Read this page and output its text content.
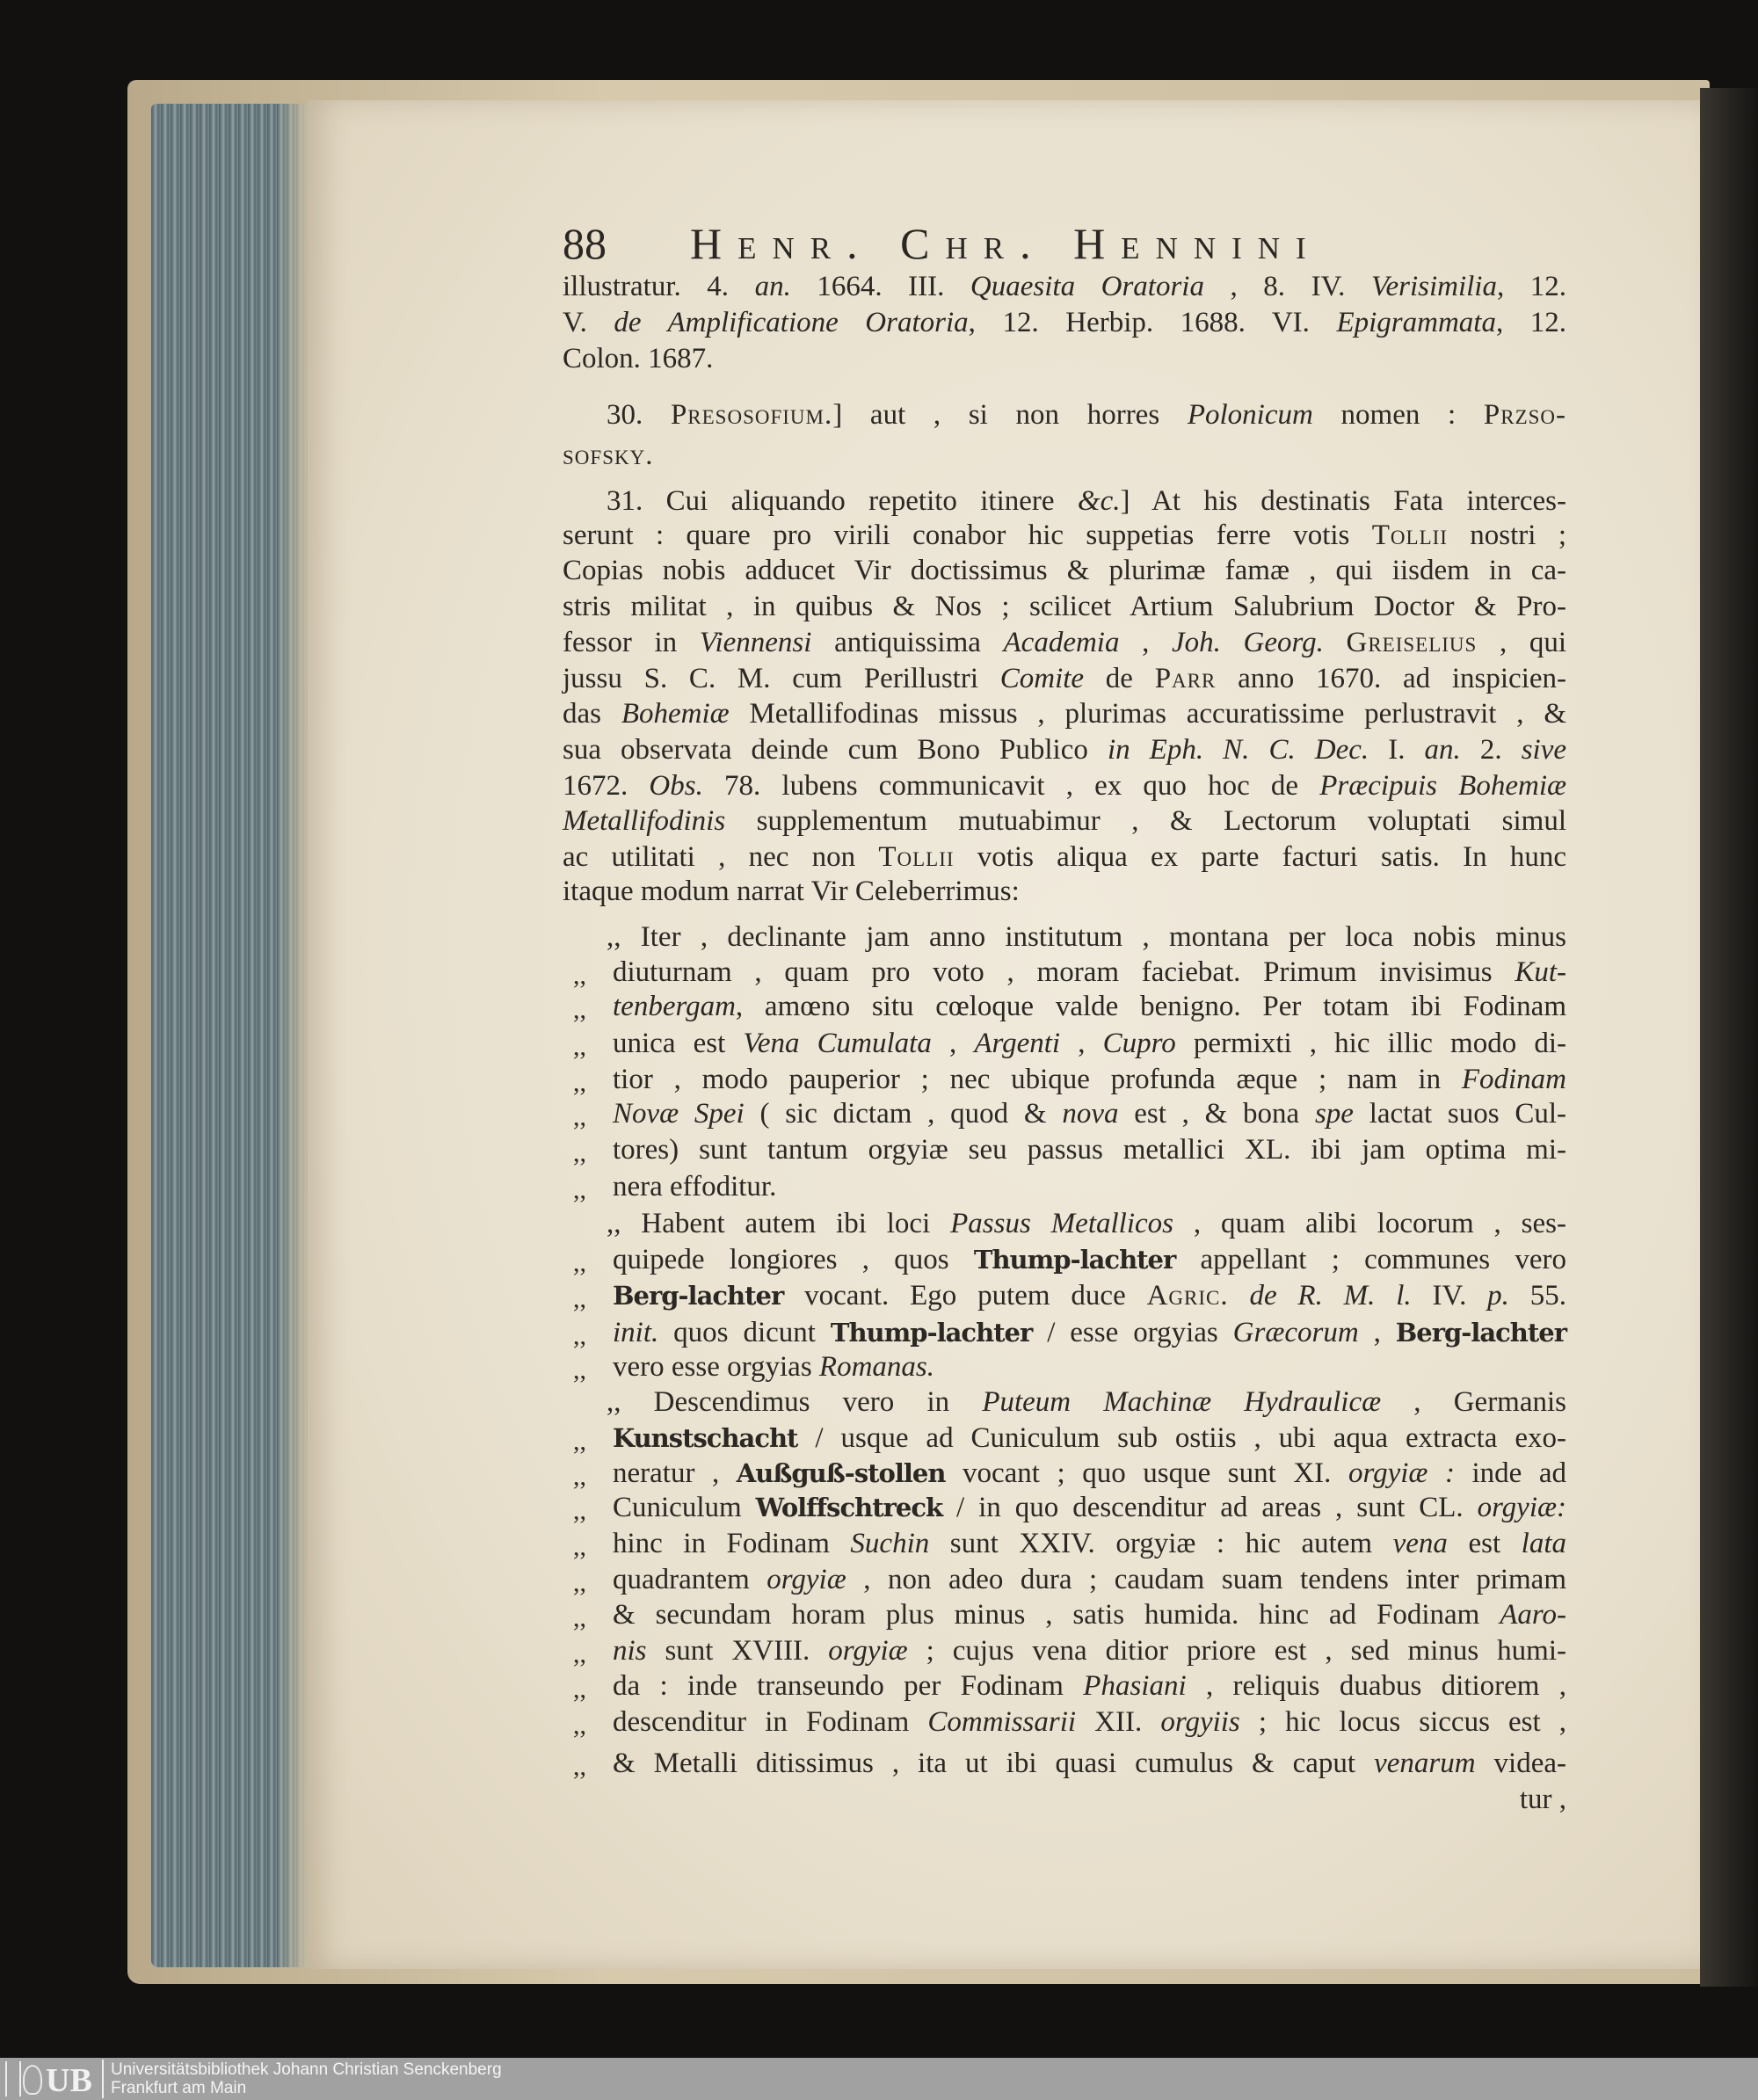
88 Henr. Chr. Hennini
illustratur. 4. an. 1664. III. Quaesita Oratoria , 8. IV. Verisimilia, 12.
V. de Amplificatione Oratoria, 12. Herbip. 1688. VI. Epigrammata, 12.
Colon. 1687.
30. Presosofium.] aut , si non horres Polonicum nomen : Przso-
sofsky.
31. Cui aliquando repetito itinere &c.] At his destinatis Fata interces-
serunt : quare pro virili conabor hic suppetias ferre votis Tollii nostri ;
Copias nobis adducet Vir doctissimus & plurimæ famæ , qui iisdem in ca-
stris militat , in quibus & Nos ; scilicet Artium Salubrium Doctor & Pro-
fessor in Viennensi antiquissima Academia , Joh. Georg. Greiselius , qui
jussu S. C. M. cum Perillustri Comite de Parr anno 1670. ad inspicien-
das Bohemiæ Metallifodinas missus , plurimas accuratissime perlustravit , &
sua observata deinde cum Bono Publico in Eph. N. C. Dec. I. an. 2. sive
1672. Obs. 78. lubens communicavit , ex quo hoc de Præcipuis Bohemiæ
Metallifodinis supplementum mutuabimur , & Lectorum voluptati simul
ac utilitati , nec non Tollii votis aliqua ex parte facturi satis. In hunc
itaque modum narrat Vir Celeberrimus:
,, Iter , declinante jam anno institutum , montana per loca nobis minus
,, diuturnam , quam pro voto , moram faciebat. Primum invisimus Kut-
,, tenbergam, amœno situ cœloque valde benigno. Per totam ibi Fodinam
,, unica est Vena Cumulata , Argenti , Cupro permixti , hic illic modo di-
,, tior , modo pauperior ; nec ubique profunda æque ; nam in Fodinam
,, Novæ Spei ( sic dictam , quod & nova est , & bona spe lactat suos Cul-
,, tores) sunt tantum orgyiæ seu passus metallici XL. ibi jam optima mi-
,, nera effoditur.
,, Habent autem ibi loci Passus Metallicos , quam alibi locorum , ses-
,, quipede longiores , quos Thump-lachter appellant ; communes vero
,,	Berg-lachter vocant. Ego putem duce Agric. de R. M. l. IV. p. 55.
,, init. quos dicunt Thump-lachter / esse orgyias Græcorum , Berg-lachter
,, vero esse orgyias Romanas.
,, Descendimus vero in Puteum Machinæ Hydraulicæ , Germanis
,,	Kunstschacht / usque ad Cuniculum sub ostiis , ubi aqua extracta exo-
,, neratur , Außguß-stollen vocant ; quo usque sunt XI. orgyiæ : inde ad
,, Cuniculum Wolffschtreck / in quo descenditur ad areas , sunt CL. orgyiæ:
,, hinc in Fodinam Suchin sunt XXIV. orgyiæ : hic autem vena est lata
,, quadrantem orgyiæ , non adeo dura ; caudam suam tendens inter primam
,, & secundam horam plus minus , satis humida. hinc ad Fodinam Aaro-
,, nis sunt XVIII. orgyiæ ; cujus vena ditior priore est , sed minus humi-
,, da : inde transeundo per Fodinam Phasiani , reliquis duabus ditiorem ,
,, descenditur in Fodinam Commissarii XII. orgyiis ; hic locus siccus est ,
,, & Metalli ditissimus , ita ut ibi quasi cumulus & caput venarum videa-
tur ,
UB Universitätsbibliothek Johann Christian Senckenberg
Frankfurt am Main
